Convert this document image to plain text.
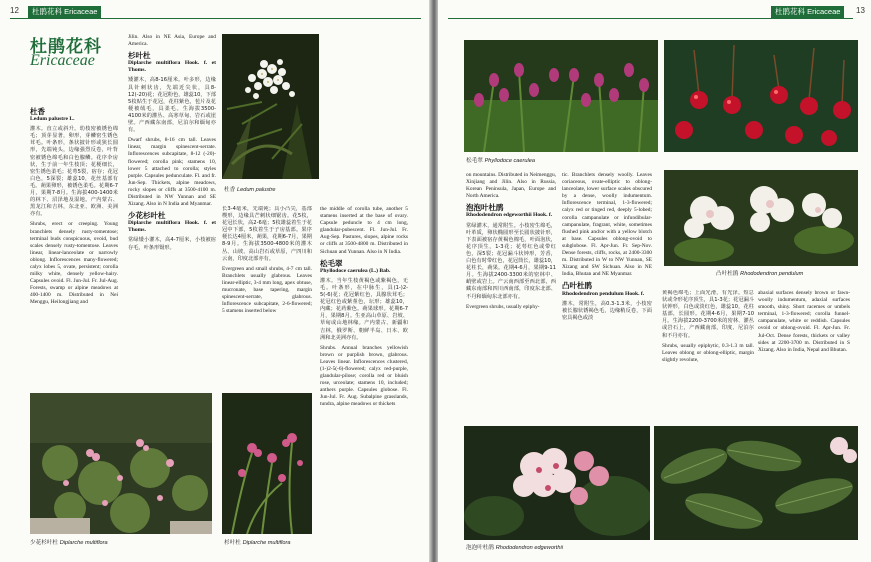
12	杜鹃花科 Ericaceae
杜鹃花科
Ericaceae
杜香
Ledum palustre L.

灌木。直立或斜升。幼枝密被锈色绵毛；顶芽显著，卵形，芽鳞密生锈色茸毛。叶条形，条状披针形或狭长圆形，先端钝头，边缘强烈反卷，叶背密被锈色绵毛和白色腺鳞。花序伞房状，生于前一年生枝顶；花梗细长，密生锈色柔毛；花萼5裂，宿存；花冠白色，5深裂；雄蕊10，花丝基部有毛。蒴果卵形，被锈色柔毛。花期6-7月，果期7-8月。生海拔400-1400米的林下、沼泽地及湿地。产内蒙古、黑龙江和吉林，东北亚、欧洲、美洲亦有。

Shrubs, erect or creeping. Young branchlets densely rusty-tomentose; terminal buds conspicuous, ovoid, bud scales densely rusty-tomentose. Leaves linear, linear-lanceolate or narrowly oblong. Inflorescences many-flowered; calyx lobes 5, ovate, persistent; corolla milky white, densely yellow-hairy. Capsules ovoid. Fl. Jun-Jul. Fr. Jul-Aug. Forests, swamp or alpine meadows at 400-1400 m. Distributed in Nei Menggu, Heilongjiang and

Jilin. Also in NE Asia, Europe and America.

杉叶杜
Diplarche multiflora Hook. f. et Thoms.

矮灌木，高8-16厘米。叶多形，边缘具针刺状齿，先端近尖状，具8-12(-20)花；花冠粉色，雄蕊10，下部5枚贴生于花冠，花柱紫色，苞片及花梗被绒毛，具柔毛。生海拔3500-4100米的灌丛、高寒草甸、岩石或崖壁。产西藏东南部，尼泊尔和缅甸亦有。

Dwarf shrubs, 8-16 cm tall. Leaves linear, margin spinescent-serrate. Inflorescences subcapitate, 8-12 (-20)-flowered; corolla pink; stamens 10, lower 5 attached to corolla; styles purple. Capsules pedunculate. Fl. and fr. Jun-Sep. Thickets, alpine meadows, rocky slopes or cliffs at 3500-4100 m. Distributed in NW Yunnan and SE Xizang. Also in N India and Myanmar.

少花杉叶杜
Diplarche multiflora Hook. f. et Thoms.

常绿矮小灌木，高4-7厘米，小枝被宿存毛，叶条形镊形。

杜香 Ledum palustre

长3-4毫米，先端钝；具小凸尖，基部楔形，边缘具芒刺状细锯齿。花5枚，花冠长状，高2-6毫；5枚雄蕊着生于花冠中下部，5枚着生于子房基部。果序梗长达4厘米，蒴果，花期6-7月，果期8-9月。生海拔3500-4800米的灌木丛、山坡、高山岩石或草原，产四川和云南，印度北部亦有。

Evergreen and small shrubs, 4-7 cm tall. Branchlets usually glabrous. Leaves linear-elliptic, 3-4 mm long, apex obtuse, mucronate, base tapering, margin spinescent-serrate, glabrous. Inflorescence subcapitate, 2-6-flowered; 5 stamens inserted below

the middle of corolla tube, another 5 stamens inserted at the base of ovary. Capsule peduncle to 4 cm long, glandular-pubescent. Fl. Jun-Jul. Fr. Aug-Sep. Pastures, slopes, alpine rocks or cliffs at 3500-4800 m. Distributed in Sichuan and Yunnan. Also in N India.

松毛翠
Phyllodoce caerulea (L.) Bab.

灌木。当年生枝黄褐色或紫褐色，无毛。叶条形，在中脉生，具(1-)2-5(-6)花；花冠紫红色，具腺状茸毛；花冠红色或紫堇色，坛形；雄蕊10，内藏；花药紫色。蒴果球形。花期6-7月，果期8月。生亚高山草原、岩坡、草甸或山地林缘。产内蒙古、新疆和吉林，俄罗斯、朝鲜半岛、日本、欧洲和北美洲亦有。

Shrubs. Annual branches yellowish brown or purplish brown, glabrous. Leaves linear. Inflorescences clustered, (1-)2-5(-6)-flowered; calyx red-purple, glandular-pilose; corolla red or bluish rose, urceolate; stamens 10, included; anthers purple. Capsules globose. Fl. Jun-Jul. Fr. Aug. Subalpine grasslands, tundra, alpine meadows or thickets

少花杉叶杜 Diplarche multiflora	杉叶杜 Diplarche multiflora
杜鹃花科 Ericaceae	13
松毛翠 Phyllodoce caerulea

on mountains. Distributed in Neimenggu, Xinjiang and Jilin. Also in Russia, Korean Peninsula, Japan, Europe and North America.

泡泡叶杜鹃
Rhododendron edgeworthii Hook. f.

常绿灌木，通常附生。小枝密生绵毛，叶革质，卵状椭圆形至长圆状披针形，下表面被宿存黄褐色棉毛，叶面泡状，花序顶生，1-3花；花萼红色或带红色，深5裂；花冠漏斗状钟形，芳香，白色有时带红色，花冠筒长，雄蕊10，花柱长，蒴果。花期4-6月，果期9-11月。生海拔2400-3300米的密林中、峭壁或岩上。产云南西部至西北部，西藏东南部和四川西南部，印度东北部、不丹和缅甸东北部亦有。

Evergreen shrubs, usually epiphy-

tic. Branchlets densely woolly. Leaves coriaceous, ovate-elliptic to oblong-lanceolate, lower surface scales obscured by a dense, woolly indumentum. Inflorescence terminal, 1-3-flowered; calyx red or tinged red, deeply 5-lobed; corolla campanulate or infundibular-campanulate, fragrant, white, sometimes flushed pink and/or with a yellow blotch at base. Capsules oblong-ovoid to subglobose. Fl. Apr-Jun. Fr. Sep-Nov. Dense forests, cliffs, rocks, at 2400-3300 m. Distributed in W to NW Yunnan, SE Xizang and SW Sichuan. Also in NE India, Bhutan and NE Myanmar.

凸叶杜鹃
Rhododendron pendulum Hook. f.

灌木，常附生，高0.3-1.3米，小枝密被长腺状锈褐色毛，边缘稍反卷，下面密具褐色或淡

凸叶杜鹃 Rhododendron pendulum

黄褐色绵毛；上面光滑，有光泽。短总状或伞形花序顶生，具1-3花；花冠漏斗状钟形，白色或淡红色，雄蕊10，花柱基部，长圆形。花期4-6月，果期7-10月。生海拔2200-3700米的密林、灌丛或岩石上，产西藏南部，印度、尼泊尔和不丹亦有。

Shrubs, usually epiphytic, 0.3-1.3 m tall. Leaves oblong or oblong-elliptic, margin slightly revolute,

abaxial surfaces densely brown or fawn-woolly indumentum, adaxial surfaces smooth, shiny. Short racemes or umbels terminal, 1-3-flowered; corolla funnel-campanulate, white or reddish. Capsules ovoid or oblong-ovoid. Fl. Apr-Jun. Fr. Jul-Oct. Dense forests, thickets or valley sides at 2200-3700 m. Distributed in S Xizang. Also in India, Nepal and Bhutan.

泡泡叶杜鹃 Rhododendron edgeworthii
